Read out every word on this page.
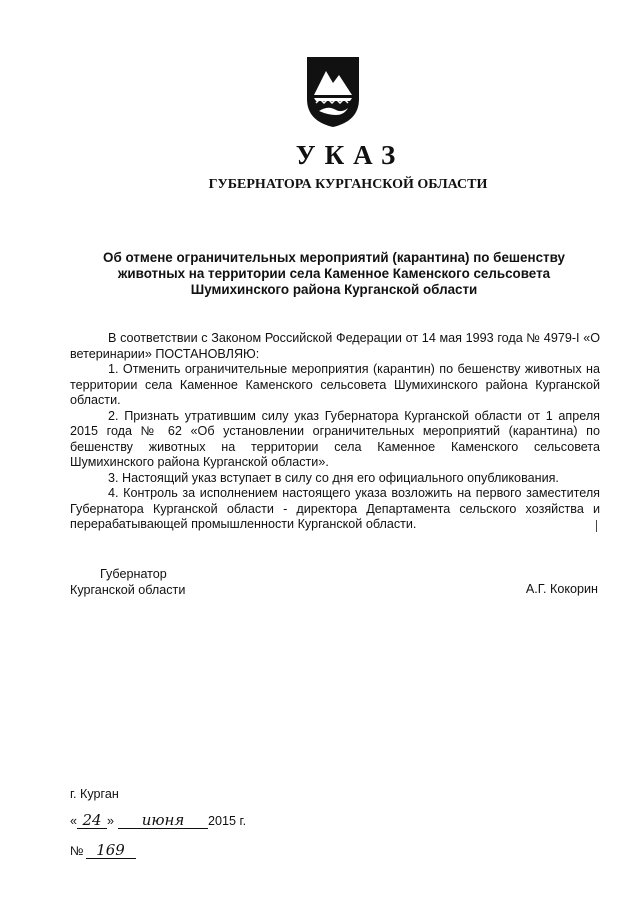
УКАЗ
ГУБЕРНАТОРА КУРГАНСКОЙ ОБЛАСТИ
Об отмене ограничительных мероприятий (карантина) по бешенству животных на территории села Каменное Каменского сельсовета Шумихинского района Курганской области

В соответствии с Законом Российской Федерации от 14 мая 1993 года № 4979-I «О ветеринарии» ПОСТАНОВЛЯЮ:

1. Отменить ограничительные мероприятия (карантин) по бешенству животных на территории села Каменное Каменского сельсовета Шумихинского района Курганской области.

2. Признать утратившим силу указ Губернатора Курганской области от 1 апреля 2015 года № 62 «Об установлении ограничительных мероприятий (карантина) по бешенству животных на территории села Каменное Каменского сельсовета Шумихинского района Курганской области».

3. Настоящий указ вступает в силу со дня его официального опубликования.

4. Контроль за исполнением настоящего указа возложить на первого заместителя Губернатора Курганской области - директора Департамента сельского хозяйства и перерабатывающей промышленности Курганской области.

Губернатор
Курганской области	А.Г. Кокорин
г. Курган
« 24 » июня 2015 г.
№ 169
